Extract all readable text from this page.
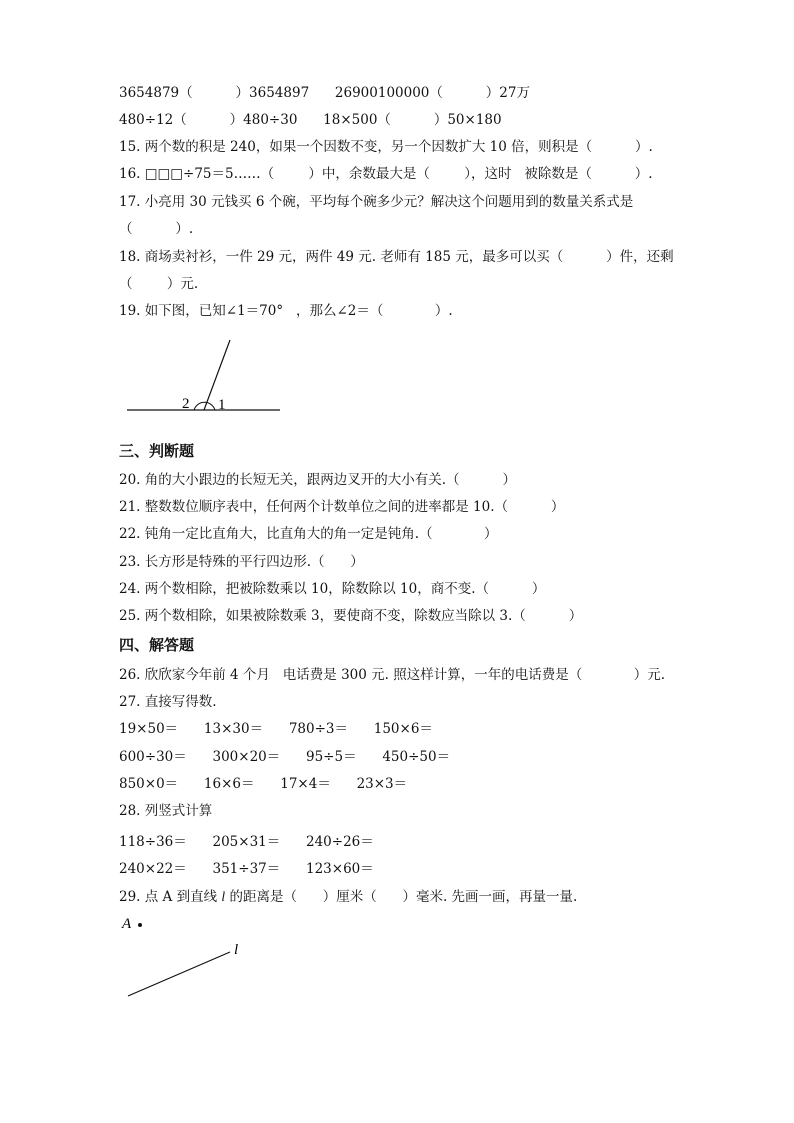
3654879（          ）3654897      26900100000（          ）27万
480÷12（          ）480÷30      18×500（          ）50×180
15. 两个数的积是 240，如果一个因数不变，另一个因数扩大 10 倍，则积是（          ）.
16. □□□÷75＝5……（        ）中，余数最大是（        ），这时   被除数是（          ）.
17. 小亮用 30 元钱买 6 个碗，平均每个碗多少元？解决这个问题用到的数量关系式是
（          ）.
18. 商场卖衬衫，一件 29 元，两件 49 元. 老师有 185 元，最多可以买（          ）件，还剩
（        ）元.
19. 如下图，已知∠1＝70°   ，那么∠2＝（            ）.
2 1
三、判断题
20. 角的大小跟边的长短无关，跟两边叉开的大小有关.（          ）
21. 整数数位顺序表中，任何两个计数单位之间的进率都是 10.（          ）
22. 钝角一定比直角大，比直角大的角一定是钝角.（            ）
23. 长方形是特殊的平行四边形.（      ）
24. 两个数相除，把被除数乘以 10，除数除以 10，商不变.（          ）
25. 两个数相除，如果被除数乘 3，要使商不变，除数应当除以 3.（          ）
四、解答题
26. 欣欣家今年前 4 个月   电话费是 300 元. 照这样计算，一年的电话费是（            ）元.
27. 直接写得数.
19×50＝      13×30＝      780÷3＝      150×6＝
600÷30＝      300×20＝      95÷5＝      450÷50＝
850×0＝      16×6＝      17×4＝      23×3＝
28. 列竖式计算
118÷36＝      205×31＝      240÷26＝
240×22＝      351÷37＝      123×60＝
29. 点 A 到直线 l 的距离是（      ）厘米（      ）毫米. 先画一画，再量一量.
A
l
